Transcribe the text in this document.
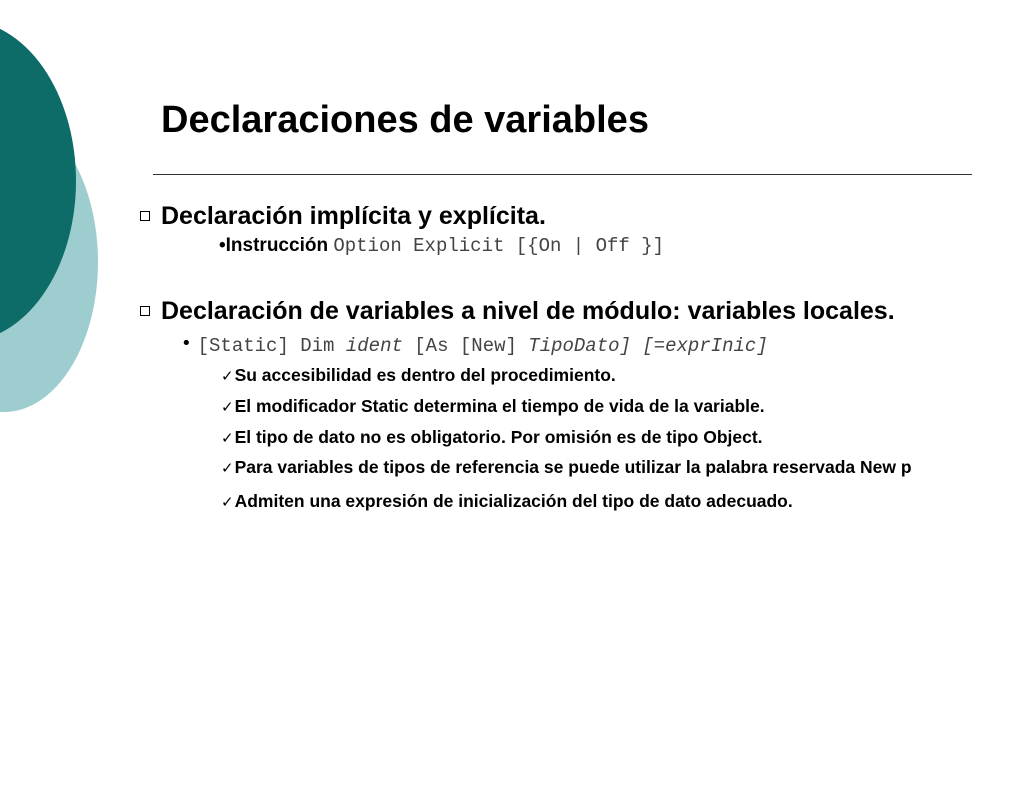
Declaraciones de variables
Declaración implícita y explícita.
•Instrucción Option Explicit [{On | Off }]
Declaración de variables a nivel de módulo: variables locales.
• [Static] Dim ident [As [New] TipoDato] [=exprInic]
✓Su accesibilidad es dentro del procedimiento.
✓El modificador Static determina el tiempo de vida de la variable.
✓El tipo de dato no es obligatorio. Por omisión es de tipo Object.
✓Para variables de tipos de referencia se puede utilizar la palabra reservada New p
✓Admiten una expresión de inicialización del tipo de dato adecuado.
